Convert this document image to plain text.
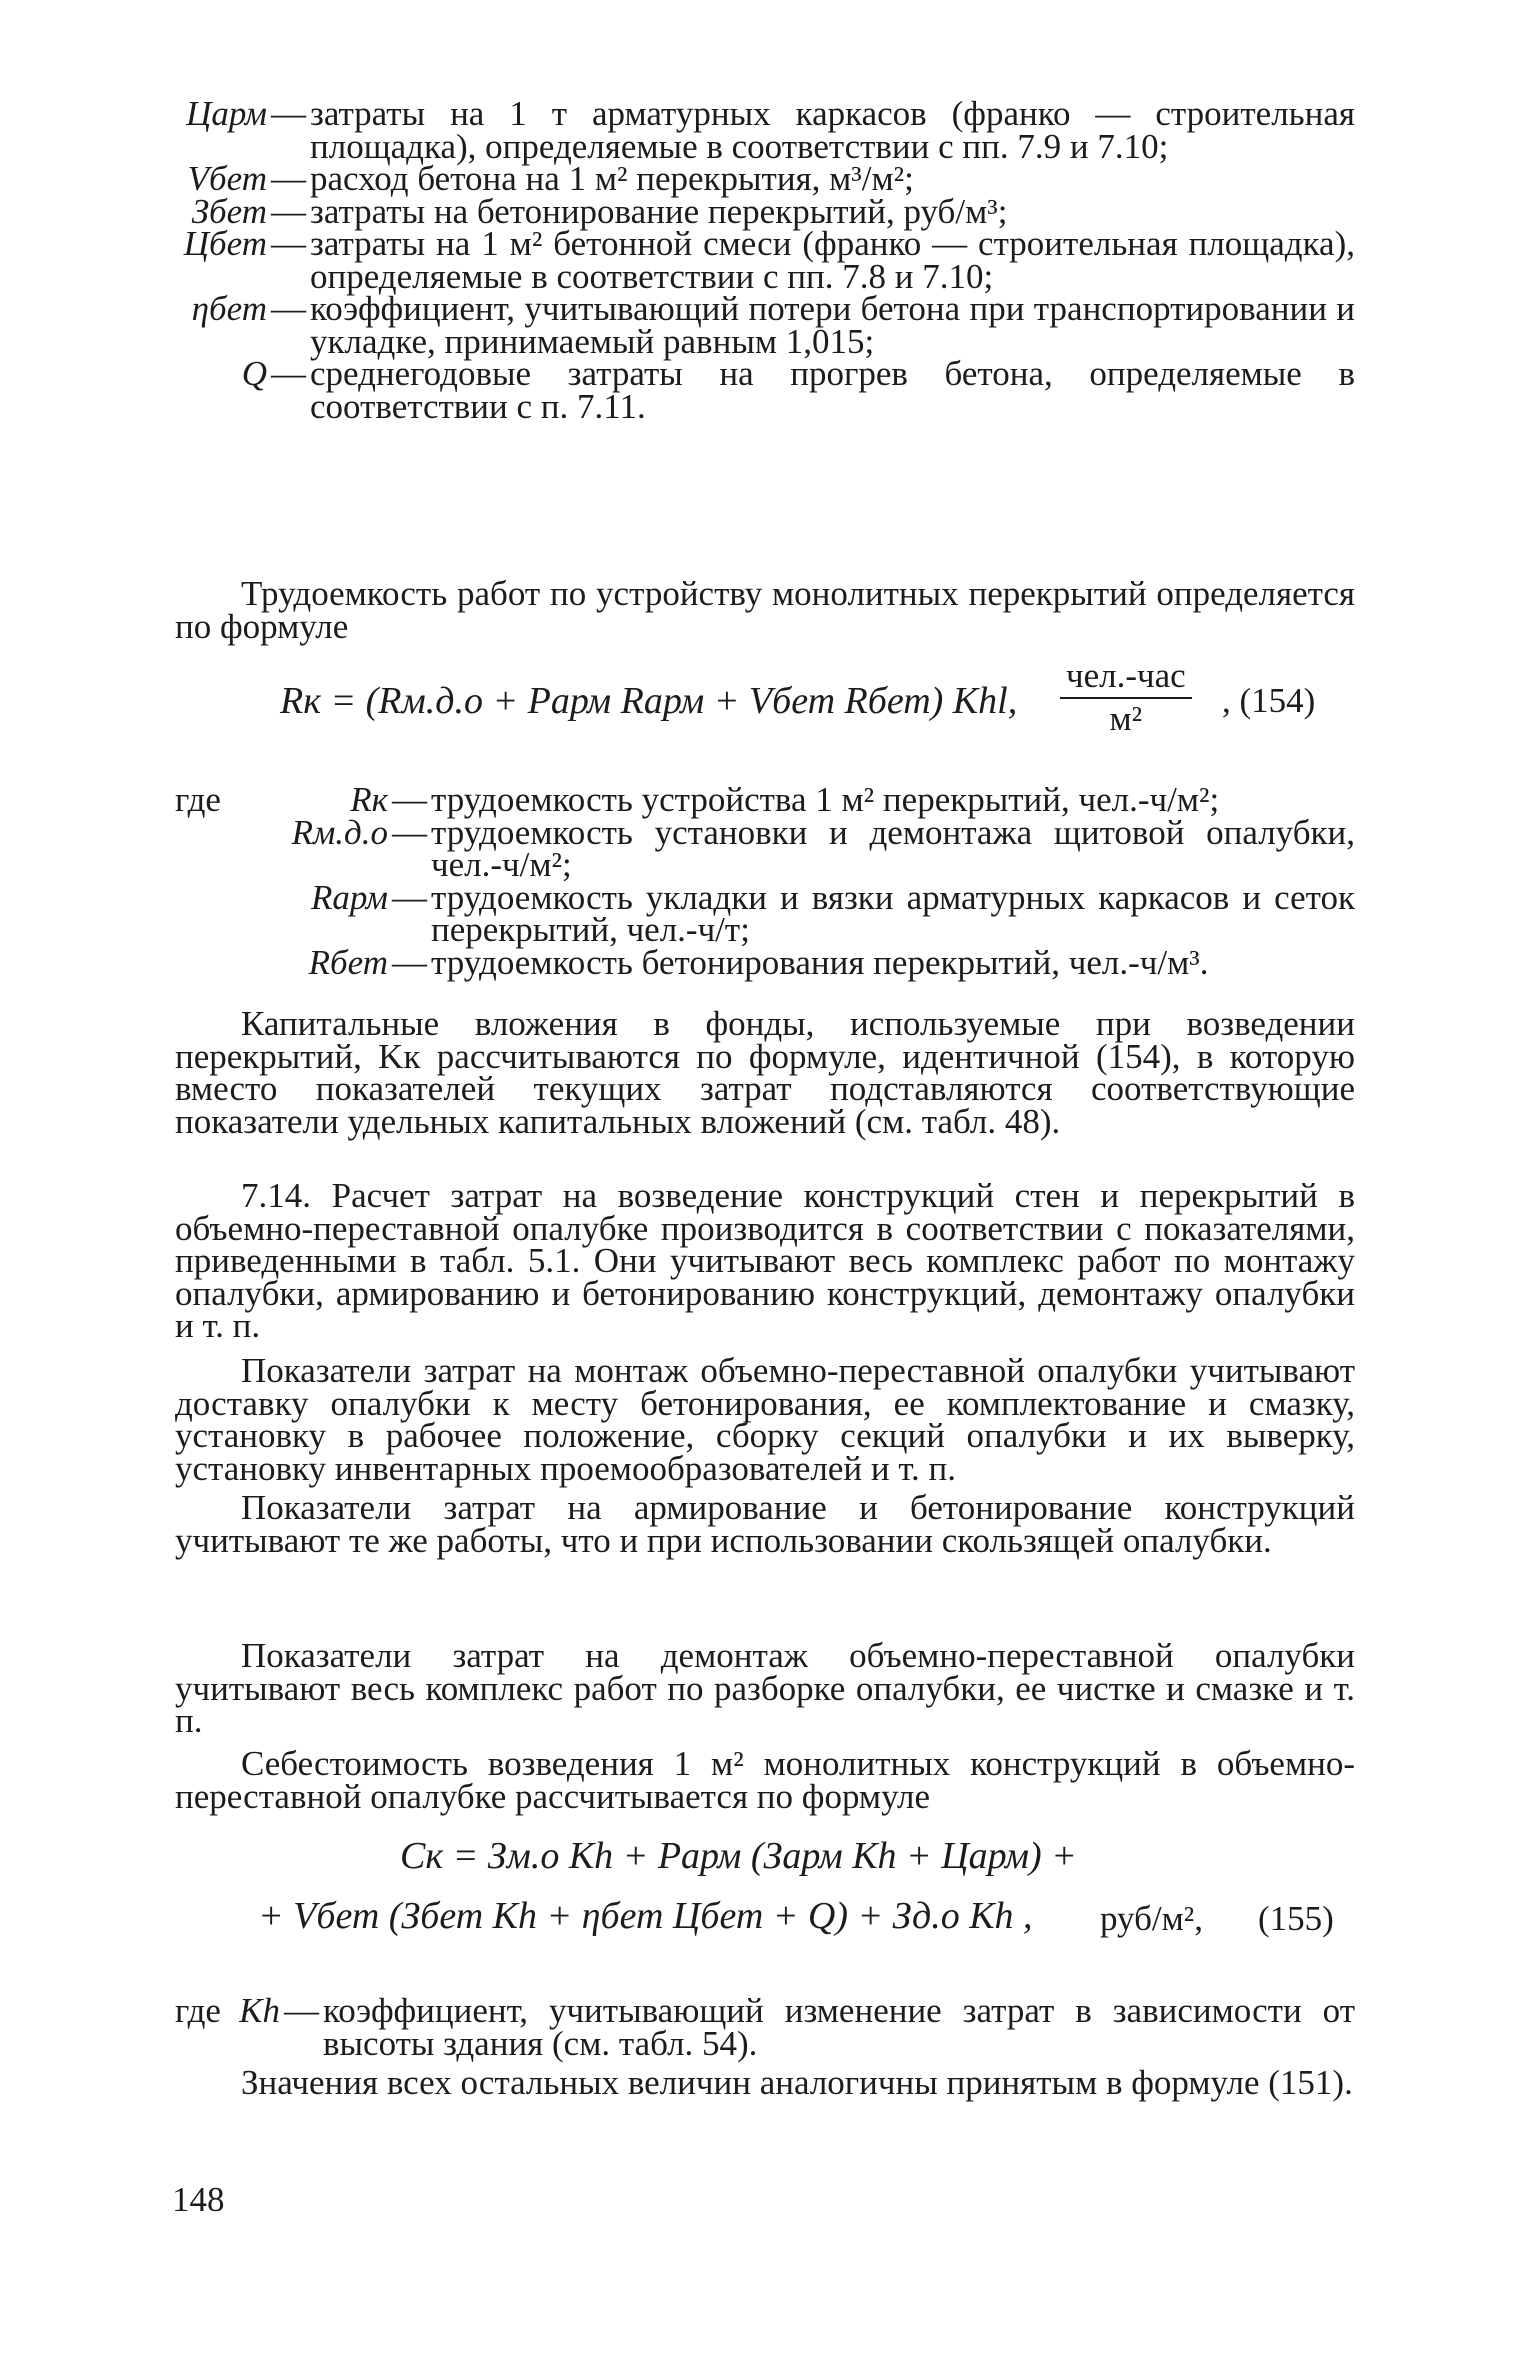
Царм — затраты на 1 т арматурных каркасов (франко — строительная площадка), определяемые в соответствии с пп. 7.9 и 7.10;
Vбет — расход бетона на 1 м² перекрытия, м³/м²;
Збет — затраты на бетонирование перекрытий, руб/м³;
Цбет — затраты на 1 м² бетонной смеси (франко — строительная площадка), определяемые в соответствии с пп. 7.8 и 7.10;
ηбет — коэффициент, учитывающий потери бетона при транспортировании и укладке, принимаемый равным 1,015;
Q — среднегодовые затраты на прогрев бетона, определяемые в соответствии с п. 7.11.

Трудоемкость работ по устройству монолитных перекрытий определяется по формуле

Rк = (Rм.д.о + Pарм Rарм + Vбет Rбет) Khl,
чел.-час
м²	, (154)
где	Rк — трудоемкость устройства 1 м² перекрытий, чел.-ч/м²;
Rм.д.о — трудоемкость установки и демонтажа щитовой опалубки, чел.-ч/м²;
Rарм — трудоемкость укладки и вязки арматурных каркасов и сеток перекрытий, чел.-ч/т;
Rбет — трудоемкость бетонирования перекрытий, чел.-ч/м³.

Капитальные вложения в фонды, используемые при возведении перекрытий, Kк рассчитываются по формуле, идентичной (154), в которую вместо показателей текущих затрат подставляются соответствующие показатели удельных капитальных вложений (см. табл. 48).

7.14. Расчет затрат на возведение конструкций стен и перекрытий в объемно-переставной опалубке производится в соответствии с показателями, приведенными в табл. 5.1. Они учитывают весь комплекс работ по монтажу опалубки, армированию и бетонированию конструкций, демонтажу опалубки и т. п.

Показатели затрат на монтаж объемно-переставной опалубки учитывают доставку опалубки к месту бетонирования, ее комплектование и смазку, установку в рабочее положение, сборку секций опалубки и их выверку, установку инвентарных проемообразователей и т. п.

Показатели затрат на армирование и бетонирование конструкций учитывают те же работы, что и при использовании скользящей опалубки.

Показатели затрат на демонтаж объемно-переставной опалубки учитывают весь комплекс работ по разборке опалубки, ее чистке и смазке и т. п.

Себестоимость возведения 1 м² монолитных конструкций в объемно-переставной опалубке рассчитывается по формуле

Cк = Зм.о Kh + Pарм (Зарм Kh + Царм) +
+ Vбет (Збет Kh + ηбет Цбет + Q) + Зд.о Kh , руб/м², (155)
где Kh — коэффициент, учитывающий изменение затрат в зависимости от высоты здания (см. табл. 54).

Значения всех остальных величин аналогичны принятым в формуле (151).

148
